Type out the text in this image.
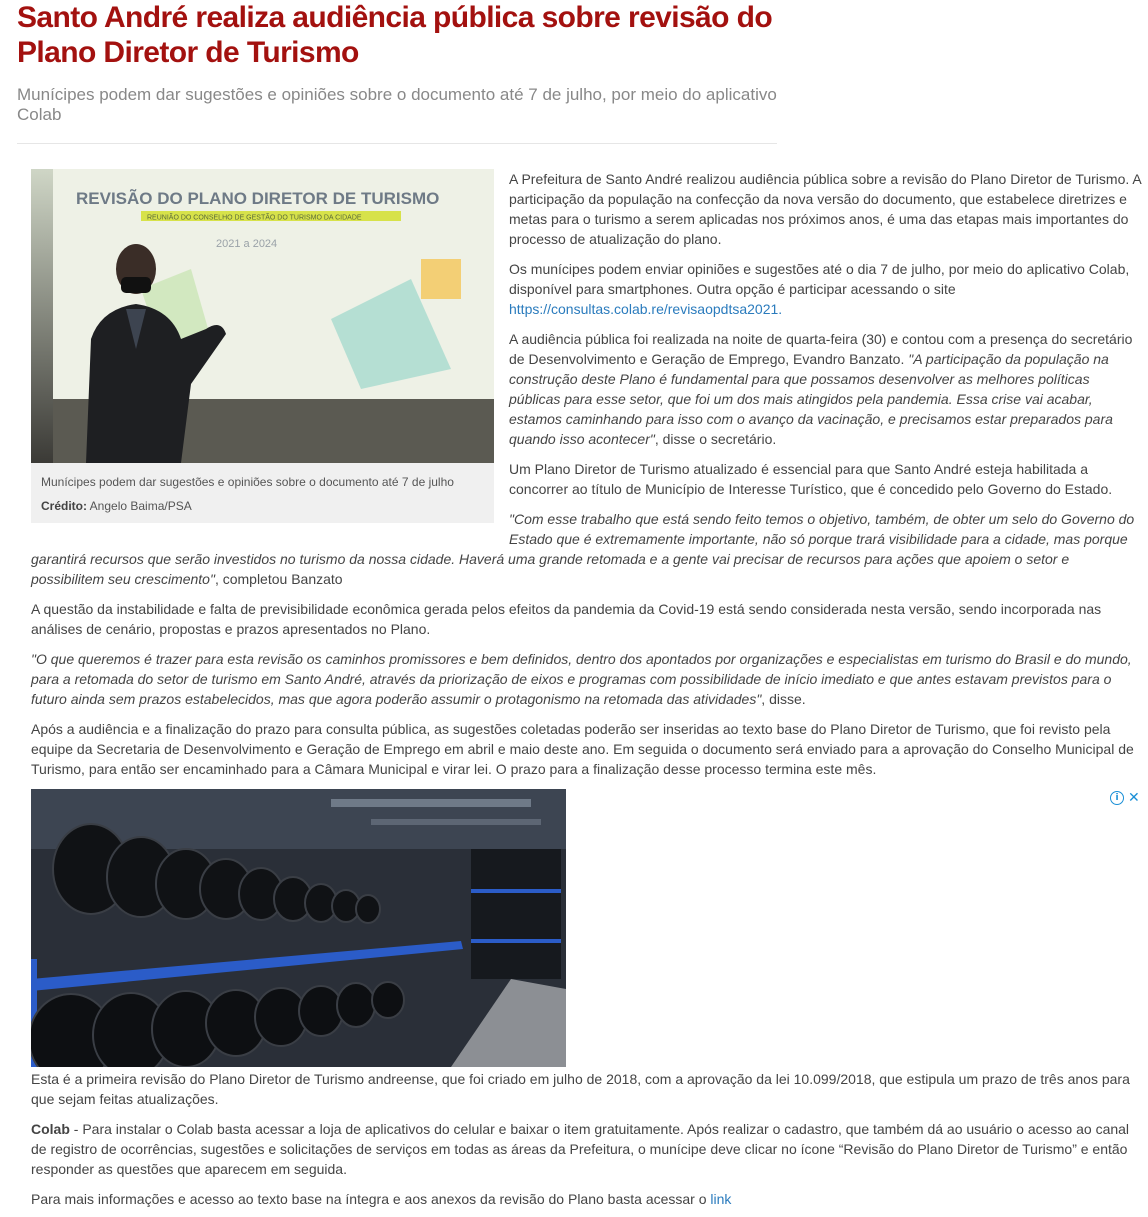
Santo André realiza audiência pública sobre revisão do Plano Diretor de Turismo

Munícipes podem dar sugestões e opiniões sobre o documento até 7 de julho, por meio do aplicativo Colab

REVISÃO DO PLANO DIRETOR DE TURISMO
REUNIÃO DO CONSELHO DE GESTÃO DO TURISMO DA CIDADE
2021 a 2024
Munícipes podem dar sugestões e opiniões sobre o documento até 7 de julho
Crédito: Angelo Baima/PSA

A Prefeitura de Santo André realizou audiência pública sobre a revisão do Plano Diretor de Turismo. A participação da população na confecção da nova versão do documento, que estabelece diretrizes e metas para o turismo a serem aplicadas nos próximos anos, é uma das etapas mais importantes do processo de atualização do plano.

Os munícipes podem enviar opiniões e sugestões até o dia 7 de julho, por meio do aplicativo Colab, disponível para smartphones. Outra opção é participar acessando o site https://consultas.colab.re/revisaopdtsa2021.

A audiência pública foi realizada na noite de quarta-feira (30) e contou com a presença do secretário de Desenvolvimento e Geração de Emprego, Evandro Banzato. "A participação da população na construção deste Plano é fundamental para que possamos desenvolver as melhores políticas públicas para esse setor, que foi um dos mais atingidos pela pandemia. Essa crise vai acabar, estamos caminhando para isso com o avanço da vacinação, e precisamos estar preparados para quando isso acontecer", disse o secretário.

Um Plano Diretor de Turismo atualizado é essencial para que Santo André esteja habilitada a concorrer ao título de Município de Interesse Turístico, que é concedido pelo Governo do Estado.

"Com esse trabalho que está sendo feito temos o objetivo, também, de obter um selo do Governo do Estado que é extremamente importante, não só porque trará visibilidade para a cidade, mas porque garantirá recursos que serão investidos no turismo da nossa cidade. Haverá uma grande retomada e a gente vai precisar de recursos para ações que apoiem o setor e possibilitem seu crescimento", completou Banzato

A questão da instabilidade e falta de previsibilidade econômica gerada pelos efeitos da pandemia da Covid-19 está sendo considerada nesta versão, sendo incorporada nas análises de cenário, propostas e prazos apresentados no Plano.

"O que queremos é trazer para esta revisão os caminhos promissores e bem definidos, dentro dos apontados por organizações e especialistas em turismo do Brasil e do mundo, para a retomada do setor de turismo em Santo André, através da priorização de eixos e programas com possibilidade de início imediato e que antes estavam previstos para o futuro ainda sem prazos estabelecidos, mas que agora poderão assumir o protagonismo na retomada das atividades", disse.

Após a audiência e a finalização do prazo para consulta pública, as sugestões coletadas poderão ser inseridas ao texto base do Plano Diretor de Turismo, que foi revisto pela equipe da Secretaria de Desenvolvimento e Geração de Emprego em abril e maio deste ano. Em seguida o documento será enviado para a aprovação do Conselho Municipal de Turismo, para então ser encaminhado para a Câmara Municipal e virar lei. O prazo para a finalização desse processo termina este mês.

i ✕

Esta é a primeira revisão do Plano Diretor de Turismo andreense, que foi criado em julho de 2018, com a aprovação da lei 10.099/2018, que estipula um prazo de três anos para que sejam feitas atualizações.

Colab - Para instalar o Colab basta acessar a loja de aplicativos do celular e baixar o item gratuitamente. Após realizar o cadastro, que também dá ao usuário o acesso ao canal de registro de ocorrências, sugestões e solicitações de serviços em todas as áreas da Prefeitura, o munícipe deve clicar no ícone “Revisão do Plano Diretor de Turismo” e então responder as questões que aparecem em seguida.

Para mais informações e acesso ao texto base na íntegra e aos anexos da revisão do Plano basta acessar o link
